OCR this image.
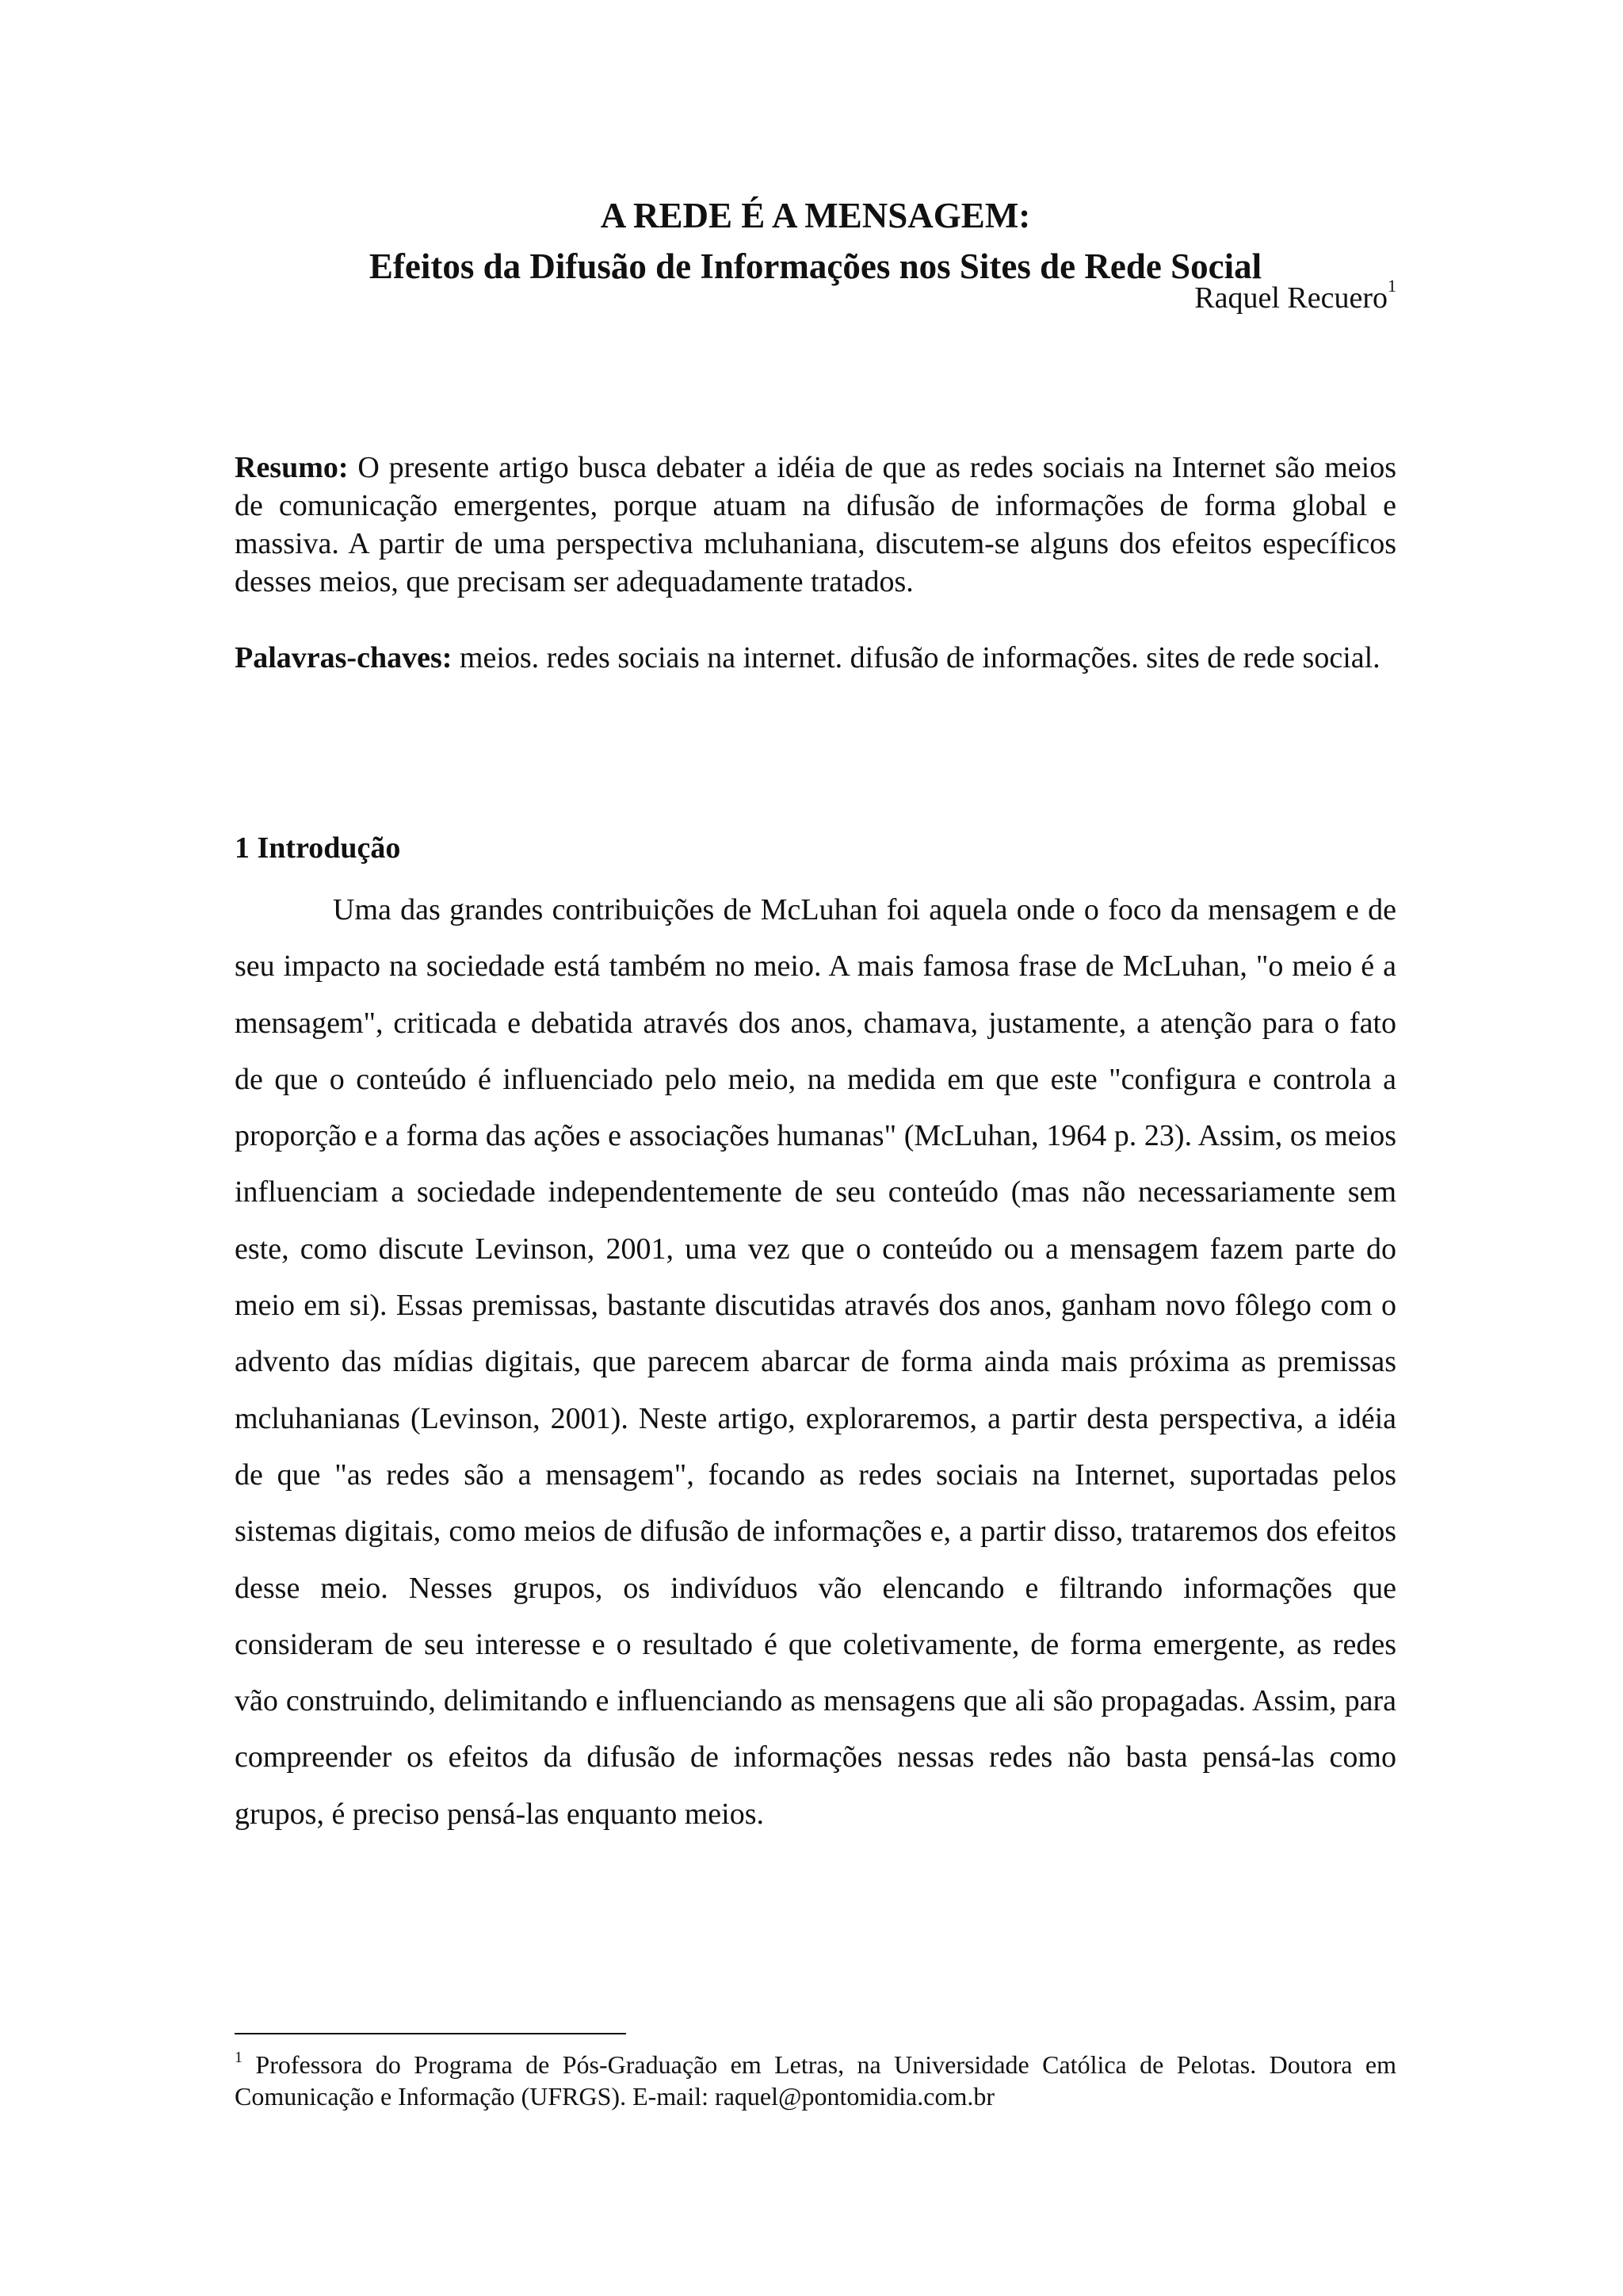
A REDE É A MENSAGEM:
Efeitos da Difusão de Informações nos Sites de Rede Social
Raquel Recuero$^1$

Resumo: O presente artigo busca debater a idéia de que as redes sociais na Internet são meios de comunicação emergentes, porque atuam na difusão de informações de forma global e massiva. A partir de uma perspectiva mcluhaniana, discutem-se alguns dos efeitos específicos desses meios, que precisam ser adequadamente tratados.

Palavras-chaves: meios. redes sociais na internet. difusão de informações. sites de rede social.

1 Introdução

Uma das grandes contribuições de McLuhan foi aquela onde o foco da mensagem e de seu impacto na sociedade está também no meio. A mais famosa frase de McLuhan, "o meio é a mensagem", criticada e debatida através dos anos, chamava, justamente, a atenção para o fato de que o conteúdo é influenciado pelo meio, na medida em que este "configura e controla a proporção e a forma das ações e associações humanas" (McLuhan, 1964 p. 23). Assim, os meios influenciam a sociedade independentemente de seu conteúdo (mas não necessariamente sem este, como discute Levinson, 2001, uma vez que o conteúdo ou a mensagem fazem parte do meio em si). Essas premissas, bastante discutidas através dos anos, ganham novo fôlego com o advento das mídias digitais, que parecem abarcar de forma ainda mais próxima as premissas mcluhanianas (Levinson, 2001). Neste artigo, exploraremos, a partir desta perspectiva, a idéia de que "as redes são a mensagem", focando as redes sociais na Internet, suportadas pelos sistemas digitais, como meios de difusão de informações e, a partir disso, trataremos dos efeitos desse meio. Nesses grupos, os indivíduos vão elencando e filtrando informações que consideram de seu interesse e o resultado é que coletivamente, de forma emergente, as redes vão construindo, delimitando e influenciando as mensagens que ali são propagadas. Assim, para compreender os efeitos da difusão de informações nessas redes não basta pensá-las como grupos, é preciso pensá-las enquanto meios.

$^1$ Professora do Programa de Pós-Graduação em Letras, na Universidade Católica de Pelotas. Doutora em Comunicação e Informação (UFRGS). E-mail: raquel@pontomidia.com.br
